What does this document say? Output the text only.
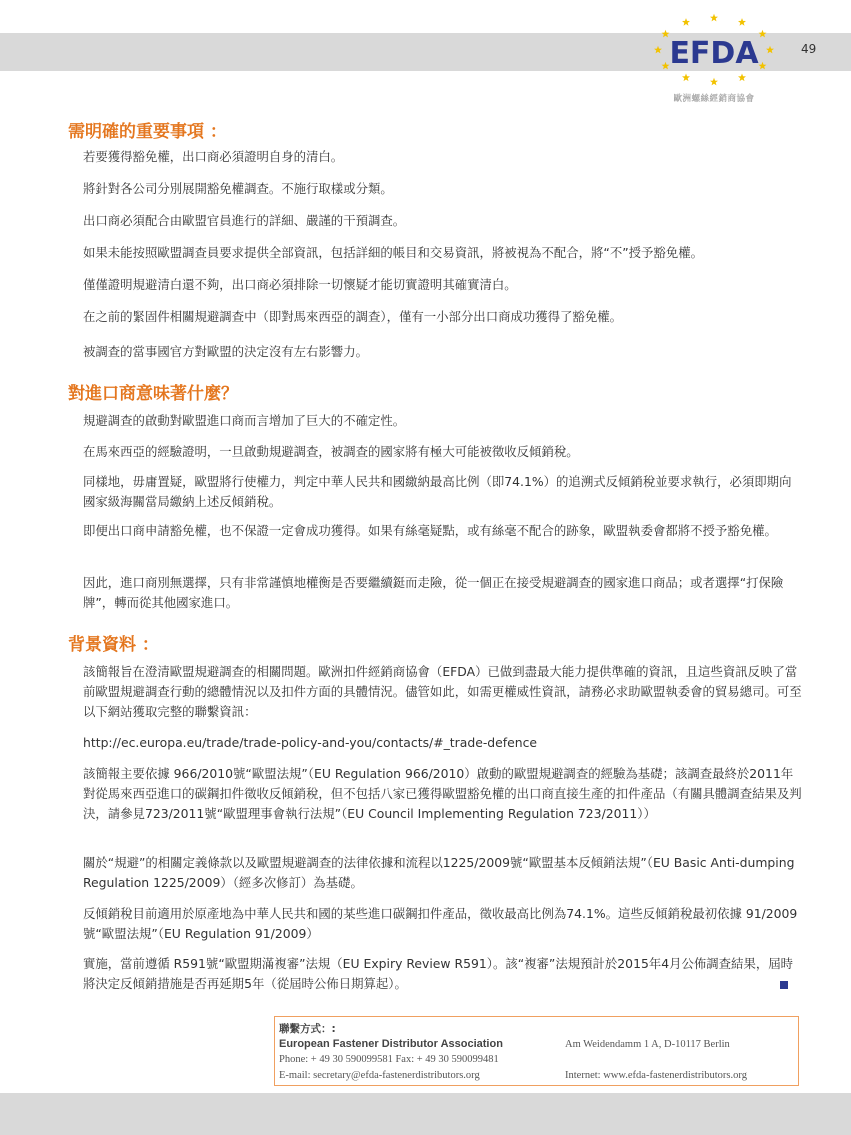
EFDA
歐洲螺絲經銷商協會
49
需明確的重要事項 ：

若要獲得豁免權，出口商必須證明自身的清白。

將針對各公司分別展開豁免權調查。不施行取樣或分類。

出口商必須配合由歐盟官員進行的詳細、嚴謹的干預調查。

如果未能按照歐盟調查員要求提供全部資訊，包括詳細的帳目和交易資訊，將被視為不配合，將“不”授予豁免權。

僅僅證明規避清白還不夠，出口商必須排除一切懷疑才能切實證明其確實清白。

在之前的緊固件相關規避調查中（即對馬來西亞的調查），僅有一小部分出口商成功獲得了豁免權。

被調查的當事國官方對歐盟的決定沒有左右影響力。

對進口商意味著什麼？

規避調查的啟動對歐盟進口商而言增加了巨大的不確定性。

在馬來西亞的經驗證明，一旦啟動規避調查，被調查的國家將有極大可能被徵收反傾銷稅。

同樣地，毋庸置疑，歐盟將行使權力，判定中華人民共和國繳納最高比例（即74.1%）的追溯式反傾銷稅並要求執行，必須即期向國家級海關當局繳納上述反傾銷稅。

即便出口商申請豁免權，也不保證一定會成功獲得。如果有絲毫疑點，或有絲毫不配合的跡象，歐盟執委會都將不授予豁免權。

因此，進口商別無選擇，只有非常謹慎地權衡是否要繼續鋌而走險，從一個正在接受規避調查的國家進口商品；或者選擇“打保險牌”，轉而從其他國家進口。

背景資料 ：

該簡報旨在澄清歐盟規避調查的相關問題。歐洲扣件經銷商協會（EFDA）已做到盡最大能力提供準確的資訊，且這些資訊反映了當前歐盟規避調查行動的總體情況以及扣件方面的具體情況。儘管如此，如需更權威性資訊，請務必求助歐盟執委會的貿易總司。可至以下網站獲取完整的聯繫資訊：

http://ec.europa.eu/trade/trade-policy-and-you/contacts/#_trade-defence

該簡報主要依據 966/2010號“歐盟法規”（EU Regulation 966/2010）啟動的歐盟規避調查的經驗為基礎；該調查最終於2011年對從馬來西亞進口的碳鋼扣件徵收反傾銷稅，但不包括八家已獲得歐盟豁免權的出口商直接生產的扣件產品（有關具體調查結果及判決，請參見723/2011號“歐盟理事會執行法規”（EU Council Implementing Regulation 723/2011））

關於“規避”的相關定義條款以及歐盟規避調查的法律依據和流程以1225/2009號“歐盟基本反傾銷法規”（EU Basic Anti-dumping Regulation 1225/2009）（經多次修訂）為基礎。

反傾銷稅目前適用於原產地為中華人民共和國的某些進口碳鋼扣件產品，徵收最高比例為74.1%。這些反傾銷稅最初依據 91/2009號“歐盟法規”（EU Regulation 91/2009）

實施，當前遵循 R591號“歐盟期滿複審”法規（EU Expiry Review R591）。該“複審”法規預計於2015年4月公佈調查結果，屆時將決定反傾銷措施是否再延期5年（從屆時公佈日期算起）。

聯繫方式：:
European Fastener Distributor Association	Am Weidendamm 1 A, D-10117 Berlin
Phone: + 49 30 590099581 Fax: + 49 30 590099481
E-mail: secretary@efda-fastenerdistributors.org	Internet: www.efda-fastenerdistributors.org
